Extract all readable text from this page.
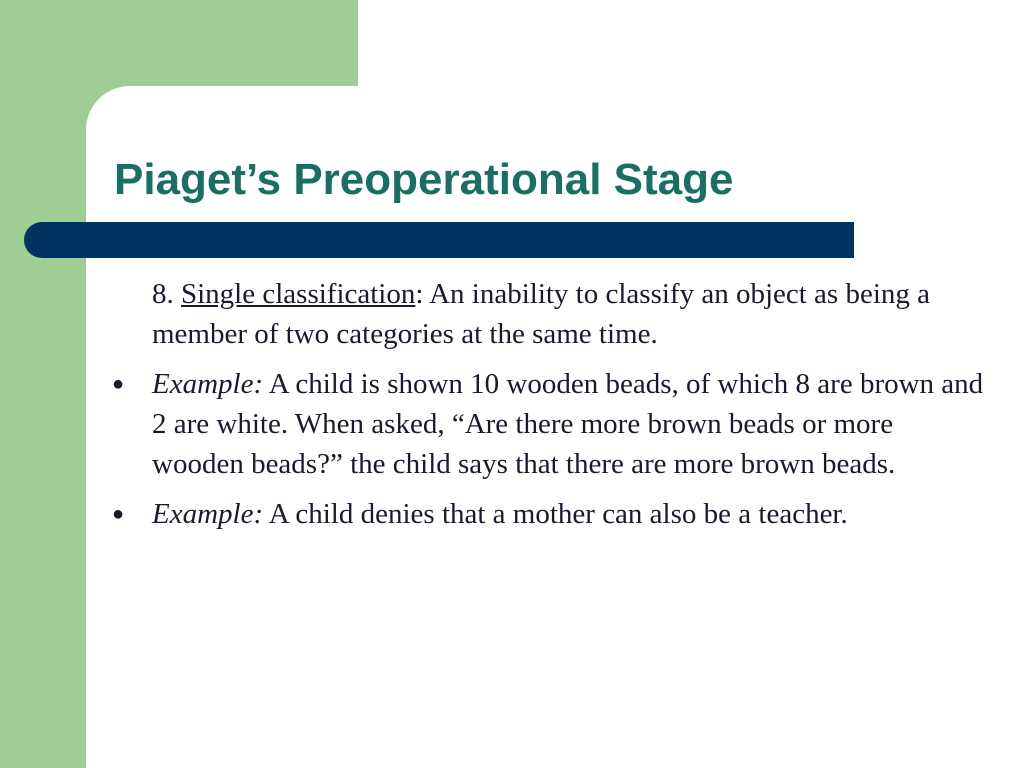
Piaget’s Preoperational Stage

8. Single classification: An inability to classify an object as being a member of two categories at the same time.

● Example: A child is shown 10 wooden beads, of which 8 are brown and 2 are white. When asked, “Are there more brown beads or more wooden beads?” the child says that there are more brown beads.

● Example: A child denies that a mother can also be a teacher.
